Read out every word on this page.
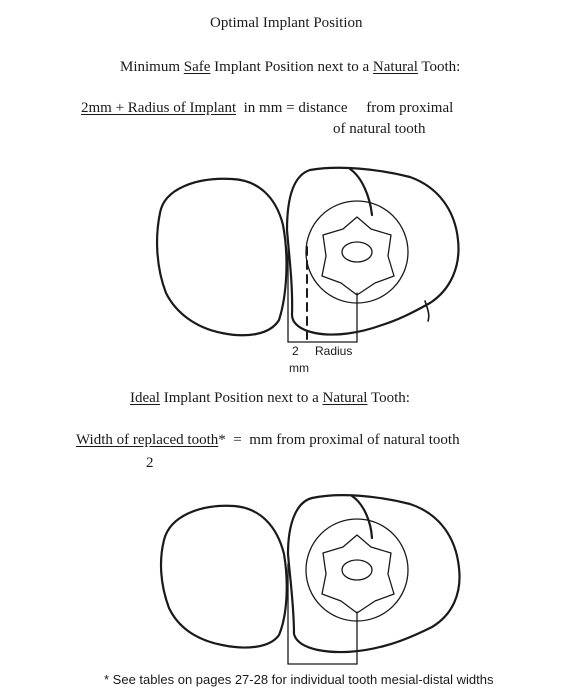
Optimal Implant Position
Minimum Safe Implant Position next to a Natural Tooth:
2mm + Radius of Implant  in mm = distance     from proximal
of natural tooth
2
mm
Radius
Ideal Implant Position next to a Natural Tooth:
Width of replaced tooth*  =  mm from proximal of natural tooth
2
* See tables on pages 27-28 for individual tooth mesial-distal widths
